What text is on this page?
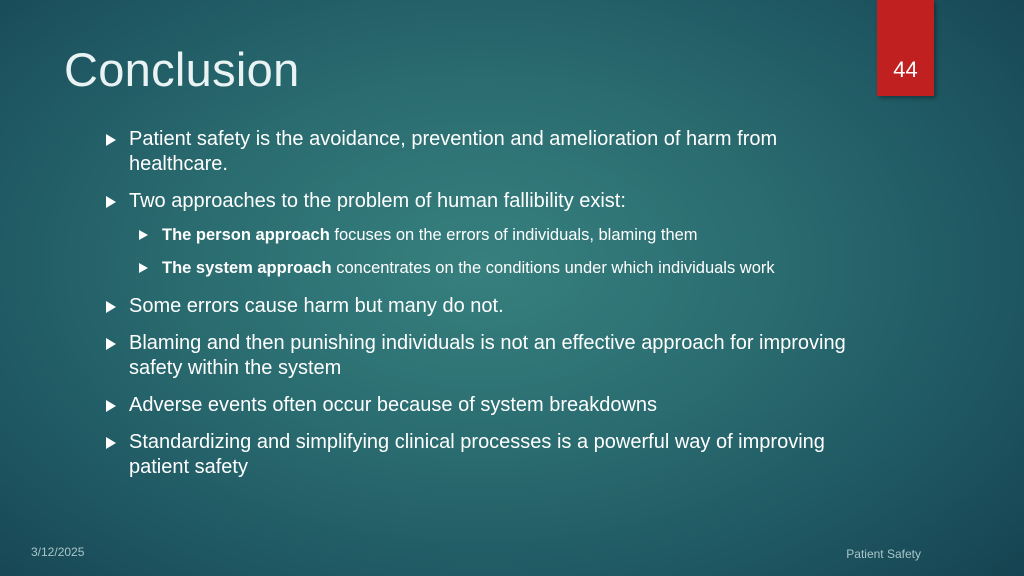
Conclusion	44
Patient safety is the avoidance, prevention and amelioration of harm from healthcare.
Two approaches to the problem of human fallibility exist:
The person approach focuses on the errors of individuals, blaming them
The system approach concentrates on the conditions under which individuals work
Some errors cause harm but many do not.
Blaming and then punishing individuals is not an effective approach for improving safety within the system
Adverse events often occur because of system breakdowns
Standardizing and simplifying clinical processes is a powerful way of improving patient safety
3/12/2025	Patient Safety
